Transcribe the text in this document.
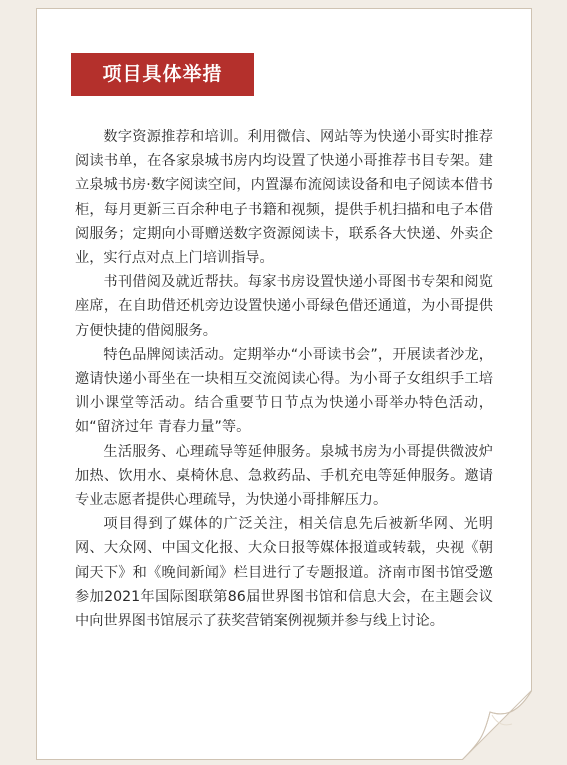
项目具体举措

数字资源推荐和培训。利用微信、网站等为快递小哥实时推荐阅读书单，在各家泉城书房内均设置了快递小哥推荐书目专架。建立泉城书房·数字阅读空间，内置瀑布流阅读设备和电子阅读本借书柜，每月更新三百余种电子书籍和视频，提供手机扫描和电子本借阅服务；定期向小哥赠送数字资源阅读卡，联系各大快递、外卖企业，实行点对点上门培训指导。

书刊借阅及就近帮扶。每家书房设置快递小哥图书专架和阅览座席，在自助借还机旁边设置快递小哥绿色借还通道，为小哥提供方便快捷的借阅服务。

特色品牌阅读活动。定期举办“小哥读书会”，开展读者沙龙，邀请快递小哥坐在一块相互交流阅读心得。为小哥子女组织手工培训小课堂等活动。结合重要节日节点为快递小哥举办特色活动，如“留济过年 青春力量”等。

生活服务、心理疏导等延伸服务。泉城书房为小哥提供微波炉加热、饮用水、桌椅休息、急救药品、手机充电等延伸服务。邀请专业志愿者提供心理疏导，为快递小哥排解压力。

项目得到了媒体的广泛关注，相关信息先后被新华网、光明网、大众网、中国文化报、大众日报等媒体报道或转载，央视《朝闻天下》和《晚间新闻》栏目进行了专题报道。济南市图书馆受邀参加2021年国际图联第86届世界图书馆和信息大会，在主题会议中向世界图书馆展示了获奖营销案例视频并参与线上讨论。
